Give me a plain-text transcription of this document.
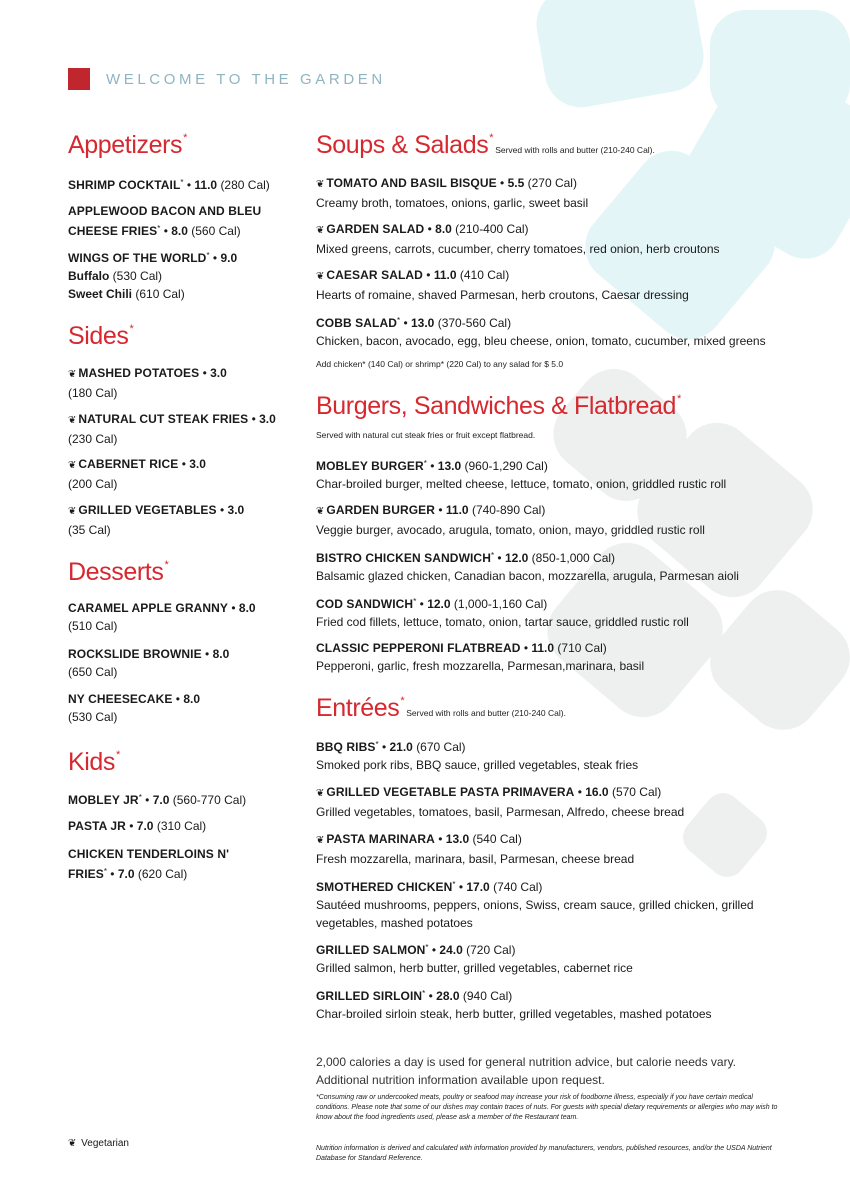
WELCOME TO THE GARDEN
Appetizers*
SHRIMP COCKTAIL* • 11.0 (280 Cal)
APPLEWOOD BACON AND BLEU
CHEESE FRIES* • 8.0 (560 Cal)
WINGS OF THE WORLD* • 9.0
Buffalo (530 Cal)
Sweet Chili (610 Cal)
Sides*
❦ MASHED POTATOES • 3.0
(180 Cal)
❦ NATURAL CUT STEAK FRIES • 3.0
(230 Cal)
❦ CABERNET RICE • 3.0
(200 Cal)
❦ GRILLED VEGETABLES • 3.0
(35 Cal)
Desserts*
CARAMEL APPLE GRANNY • 8.0
(510 Cal)
ROCKSLIDE BROWNIE • 8.0
(650 Cal)
NY CHEESECAKE • 8.0
(530 Cal)
Kids*
MOBLEY JR* • 7.0 (560-770 Cal)
PASTA JR • 7.0 (310 Cal)
CHICKEN TENDERLOINS N'
FRIES* • 7.0 (620 Cal)
Soups & Salads*Served with rolls and butter (210-240 Cal).
❦ TOMATO AND BASIL BISQUE • 5.5 (270 Cal)
Creamy broth, tomatoes, onions, garlic, sweet basil
❦ GARDEN SALAD • 8.0 (210-400 Cal)
Mixed greens, carrots, cucumber, cherry tomatoes, red onion, herb croutons
❦ CAESAR SALAD • 11.0 (410 Cal)
Hearts of romaine, shaved Parmesan, herb croutons, Caesar dressing
COBB SALAD* • 13.0 (370-560 Cal)
Chicken, bacon, avocado, egg, bleu cheese, onion, tomato, cucumber, mixed greens
Add chicken* (140 Cal) or shrimp* (220 Cal) to any salad for $ 5.0
Burgers, Sandwiches & Flatbread*
Served with natural cut steak fries or fruit except flatbread.
MOBLEY BURGER* • 13.0 (960-1,290 Cal)
Char-broiled burger, melted cheese, lettuce, tomato, onion, griddled rustic roll
❦ GARDEN BURGER • 11.0 (740-890 Cal)
Veggie burger, avocado, arugula, tomato, onion, mayo, griddled rustic roll
BISTRO CHICKEN SANDWICH* • 12.0 (850-1,000 Cal)
Balsamic glazed chicken, Canadian bacon, mozzarella, arugula, Parmesan aioli
COD SANDWICH* • 12.0 (1,000-1,160 Cal)
Fried cod fillets, lettuce, tomato, onion, tartar sauce, griddled rustic roll
CLASSIC PEPPERONI FLATBREAD • 11.0 (710 Cal)
Pepperoni, garlic, fresh mozzarella, Parmesan,marinara, basil
Entrées*Served with rolls and butter (210-240 Cal).
BBQ RIBS* • 21.0 (670 Cal)
Smoked pork ribs, BBQ sauce, grilled vegetables, steak fries
❦ GRILLED VEGETABLE PASTA PRIMAVERA • 16.0 (570 Cal)
Grilled vegetables, tomatoes, basil, Parmesan, Alfredo, cheese bread
❦ PASTA MARINARA • 13.0 (540 Cal)
Fresh mozzarella, marinara, basil, Parmesan, cheese bread
SMOTHERED CHICKEN* • 17.0 (740 Cal)
Sautéed mushrooms, peppers, onions, Swiss, cream sauce, grilled chicken, grilled
vegetables, mashed potatoes
GRILLED SALMON* • 24.0 (720 Cal)
Grilled salmon, herb butter, grilled vegetables, cabernet rice
GRILLED SIRLOIN* • 28.0 (940 Cal)
Char-broiled sirloin steak, herb butter, grilled vegetables, mashed potatoes
2,000 calories a day is used for general nutrition advice, but calorie needs vary.
Additional nutrition information available upon request.
*Consuming raw or undercooked meats, poultry or seafood may increase your risk of foodborne illness, especially if you have certain medical conditions. Please note that some of our dishes may contain traces of nuts. For guests with special dietary requirements or allergies who may wish to know about the food ingredients used, please ask a member of the Restaurant team.
Nutrition information is derived and calculated with information provided by manufacturers, vendors, published resources, and/or the USDA Nutrient Database for Standard Reference.
❦ Vegetarian
